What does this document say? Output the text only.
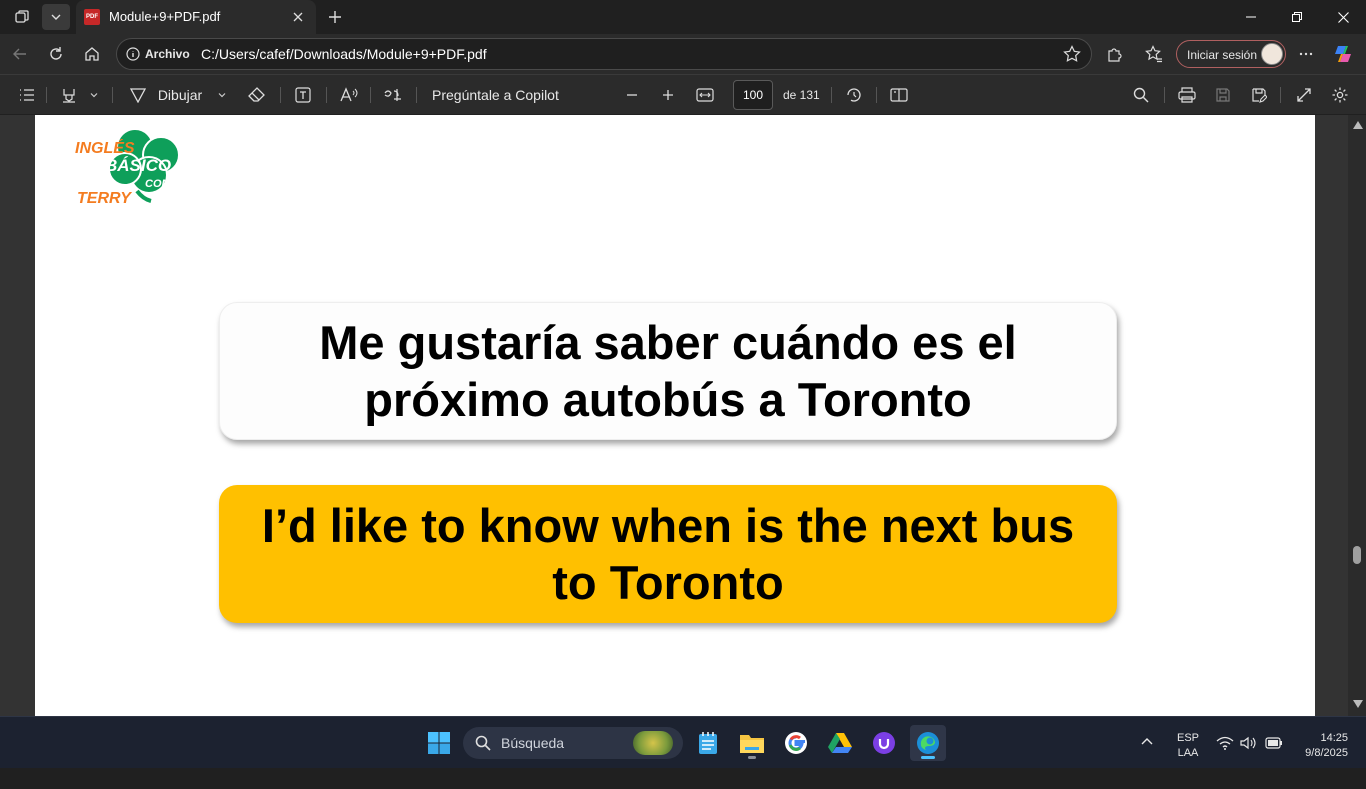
PDF Module+9+PDF.pdf
Archivo C:/Users/cafef/Downloads/Module+9+PDF.pdf	Iniciar sesión
Dibujar	Pregúntale a Copilot	100	de 131
INGLÉS
BÁSICO
CON
TERRY
Me gustaría saber cuándo es el próximo autobús a Toronto
I’d like to know when is the next bus to Toronto
Búsqueda	ESP
LAA
14:25
9/8/2025
